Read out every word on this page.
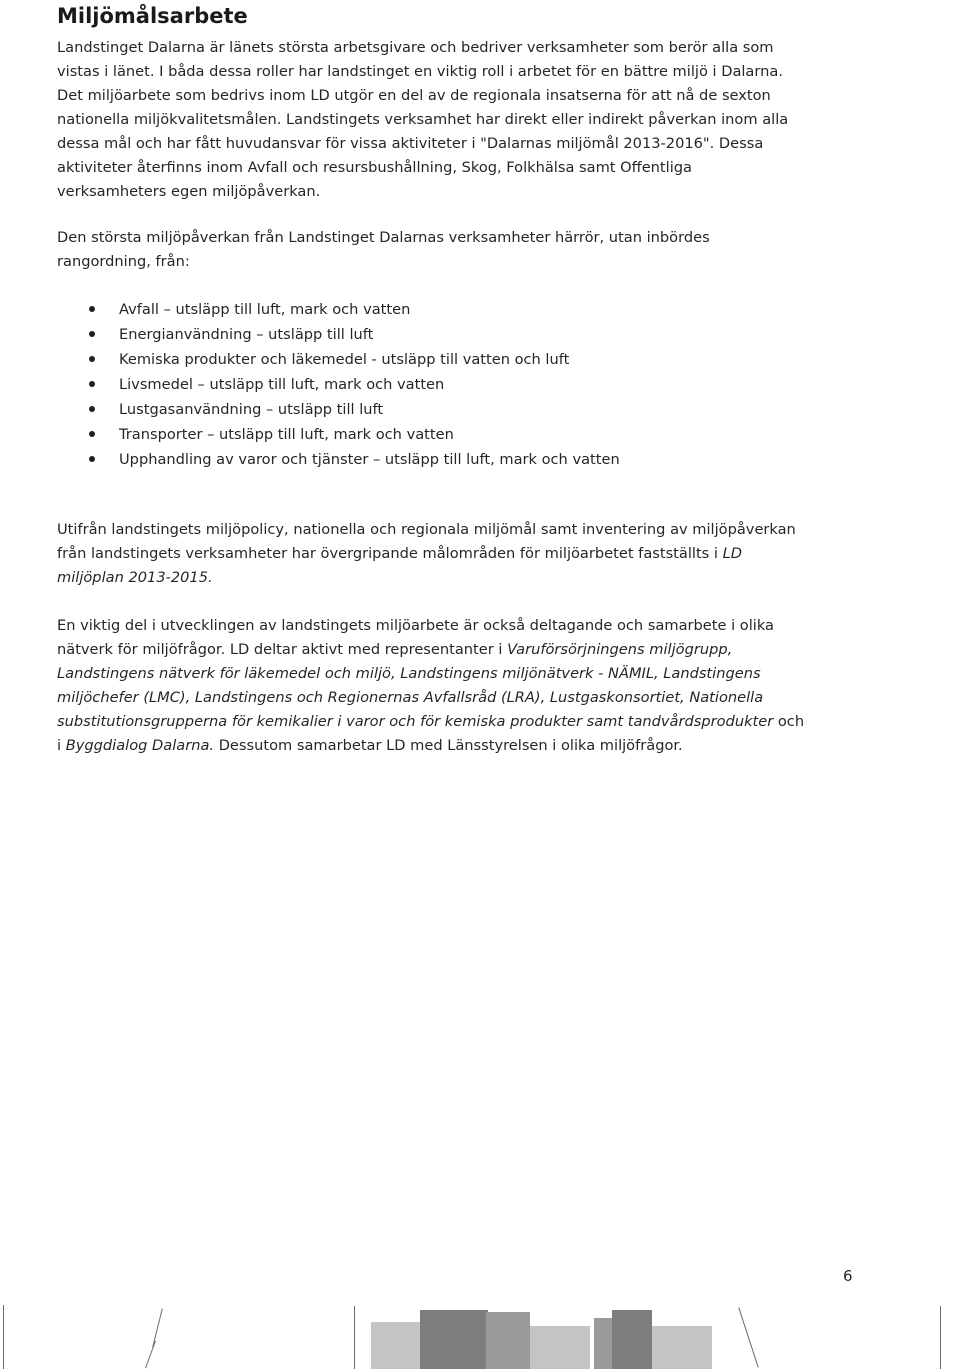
Miljömålsarbete

Landstinget Dalarna är länets största arbetsgivare och bedriver verksamheter som berör alla som
vistas i länet. I båda dessa roller har landstinget en viktig roll i arbetet för en bättre miljö i Dalarna.
Det miljöarbete som bedrivs inom LD utgör en del av de regionala insatserna för att nå de sexton
nationella miljökvalitetsmålen. Landstingets verksamhet har direkt eller indirekt påverkan inom alla
dessa mål och har fått huvudansvar för vissa aktiviteter i "Dalarnas miljömål 2013-2016". Dessa
aktiviteter återfinns inom Avfall och resursbushållning, Skog, Folkhälsa samt Offentliga
verksamheters egen miljöpåverkan.

Den största miljöpåverkan från Landstinget Dalarnas verksamheter härrör, utan inbördes
rangordning, från:

Avfall – utsläpp till luft, mark och vatten
Energianvändning – utsläpp till luft
Kemiska produkter och läkemedel - utsläpp till vatten och luft
Livsmedel – utsläpp till luft, mark och vatten
Lustgasanvändning – utsläpp till luft
Transporter – utsläpp till luft, mark och vatten
Upphandling av varor och tjänster – utsläpp till luft, mark och vatten

Utifrån landstingets miljöpolicy, nationella och regionala miljömål samt inventering av miljöpåverkan
från landstingets verksamheter har övergripande målområden för miljöarbetet fastställts i LD
miljöplan 2013-2015.

En viktig del i utvecklingen av landstingets miljöarbete är också deltagande och samarbete i olika
nätverk för miljöfrågor. LD deltar aktivt med representanter i Varuförsörjningens miljögrupp,
Landstingens nätverk för läkemedel och miljö, Landstingens miljönätverk - NÄMIL, Landstingens
miljöchefer (LMC), Landstingens och Regionernas Avfallsråd (LRA), Lustgaskonsortiet, Nationella
substitutionsgrupperna för kemikalier i varor och för kemiska produkter samt tandvårdsprodukter och
i Byggdialog Dalarna. Dessutom samarbetar LD med Länsstyrelsen i olika miljöfrågor.

6
